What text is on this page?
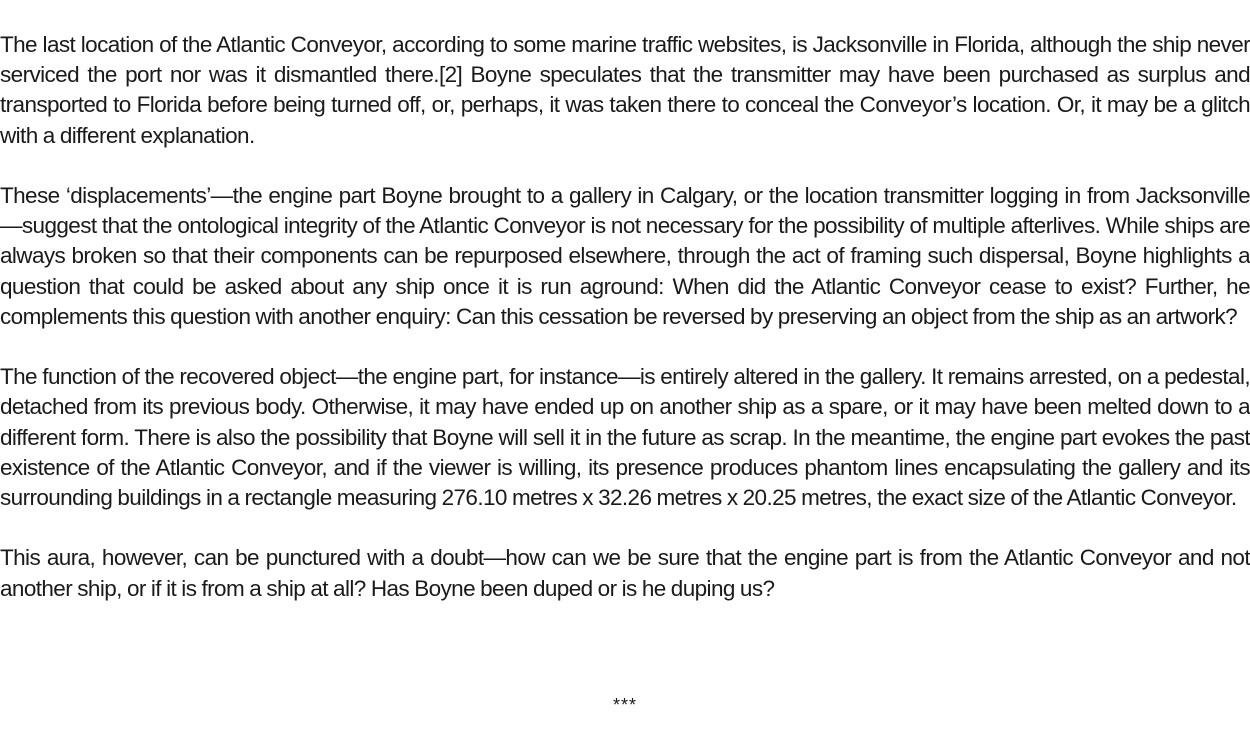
The last location of the Atlantic Conveyor, according to some marine traffic websites, is Jacksonville in Florida, although the ship never serviced the port nor was it dismantled there.[2] Boyne speculates that the transmitter may have been purchased as surplus and transported to Florida before being turned off, or, perhaps, it was taken there to conceal the Conveyor’s location. Or, it may be a glitch with a different explanation.

These ‘displacements’—the engine part Boyne brought to a gallery in Calgary, or the location transmitter logging in from Jacksonville—suggest that the ontological integrity of the Atlantic Conveyor is not necessary for the possibility of multiple afterlives. While ships are always broken so that their components can be repurposed elsewhere, through the act of framing such dispersal, Boyne highlights a question that could be asked about any ship once it is run aground: When did the Atlantic Conveyor cease to exist? Further, he complements this question with another enquiry: Can this cessation be reversed by preserving an object from the ship as an artwork?

The function of the recovered object—the engine part, for instance—is entirely altered in the gallery. It remains arrested, on a pedestal, detached from its previous body. Otherwise, it may have ended up on another ship as a spare, or it may have been melted down to a different form. There is also the possibility that Boyne will sell it in the future as scrap. In the meantime, the engine part evokes the past existence of the Atlantic Conveyor, and if the viewer is willing, its presence produces phantom lines encapsulating the gallery and its surrounding buildings in a rectangle measuring 276.10 metres x 32.26 metres x 20.25 metres, the exact size of the Atlantic Conveyor.

This aura, however, can be punctured with a doubt—how can we be sure that the engine part is from the Atlantic Conveyor and not another ship, or if it is from a ship at all? Has Boyne been duped or is he duping us?

***
